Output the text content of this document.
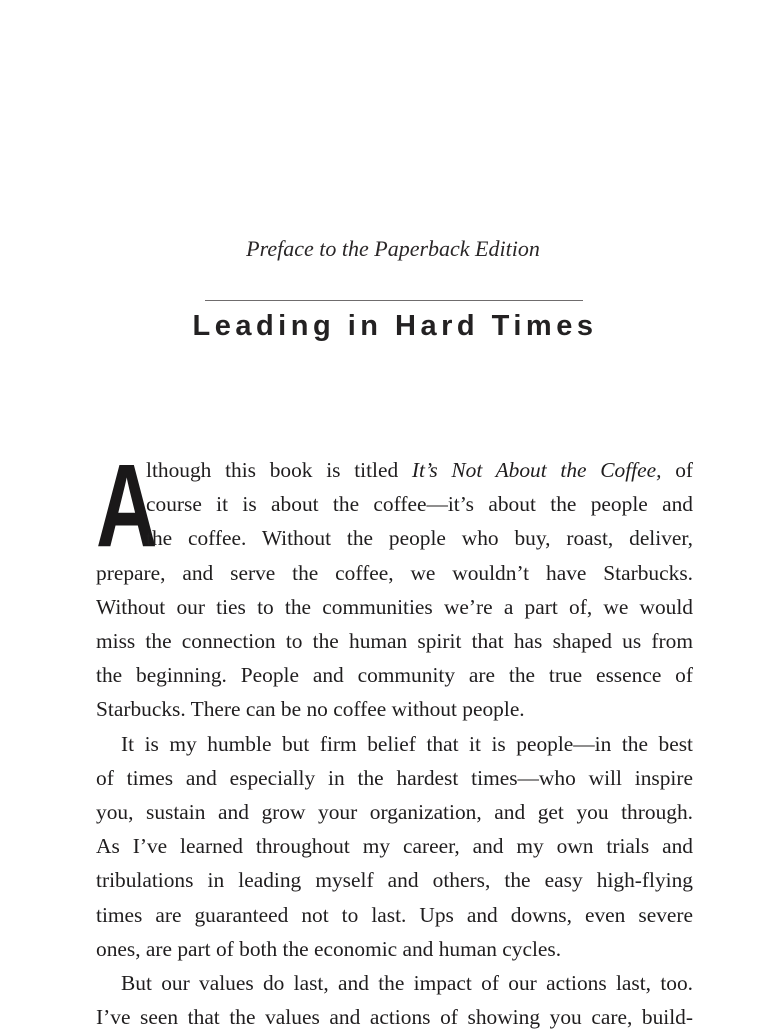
Preface to the Paperback Edition
Leading in Hard Times
A
lthough this book is titled It’s Not About the Coffee, of
course it is about the coffee—it’s about the people and
the coffee. Without the people who buy, roast, deliver,
prepare, and serve the coffee, we wouldn’t have Starbucks.
Without our ties to the communities we’re a part of, we would
miss the connection to the human spirit that has shaped us from
the beginning. People and community are the true essence of
Starbucks. There can be no coffee without people.
It is my humble but firm belief that it is people—in the best
of times and especially in the hardest times—who will inspire
you, sustain and grow your organization, and get you through.
As I’ve learned throughout my career, and my own trials and
tribulations in leading myself and others, the easy high-flying
times are guaranteed not to last. Ups and downs, even severe
ones, are part of both the economic and human cycles.
But our values do last, and the impact of our actions last, too.
I’ve seen that the values and actions of showing you care, build-
